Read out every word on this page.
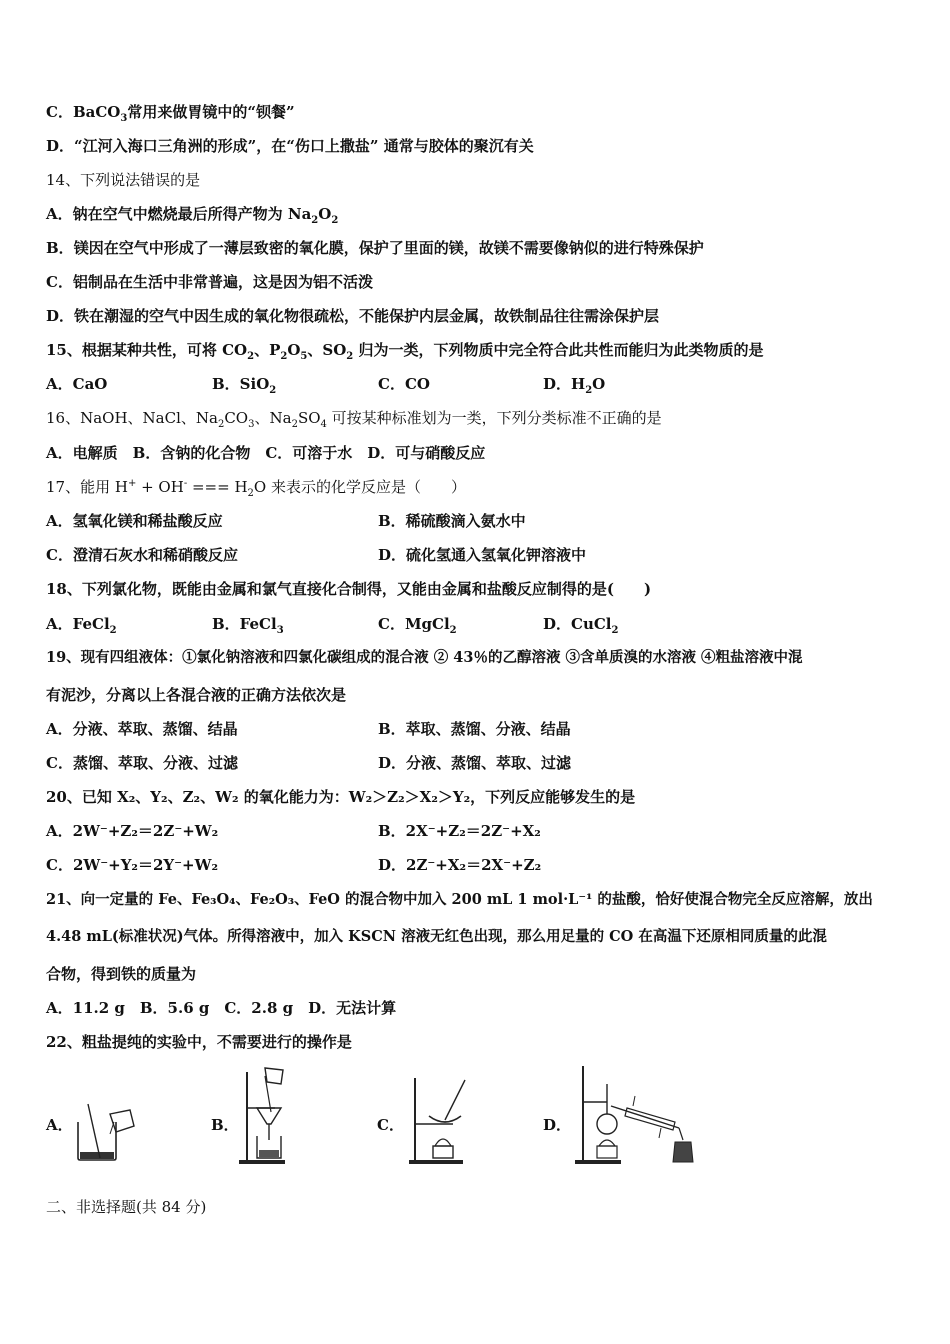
C．BaCO$_3$常用来做胃镜中的“钡餐”
D．“江河入海口三角洲的形成”，在“伤口上撒盐” 通常与胶体的聚沉有关
14、下列说法错误的是
A．钠在空气中燃烧最后所得产物为 $Na_2O_2$
B．镁因在空气中形成了一薄层致密的氧化膜，保护了里面的镁，故镁不需要像钠似的进行特殊保护
C．铝制品在生活中非常普遍，这是因为铝不活泼
D．铁在潮湿的空气中因生成的氧化物很疏松，不能保护内层金属，故铁制品往往需涂保护层
15、根据某种共性，可将 $CO_2$、$P_2O_5$、$SO_2$ 归为一类，下列物质中完全符合此共性而能归为此类物质的是
A．CaO	B．SiO$_2$	C．CO	D．$H_2O$
16、NaOH、NaCl、$Na_2CO_3$、$Na_2SO_4$ 可按某种标准划为一类，下列分类标准不正确的是
A．电解质　B．含钠的化合物　C．可溶于水　D．可与硝酸反应
17、能用 H+ + OH- === $H_2O$ 来表示的化学反应是（　　）
A．氢氧化镁和稀盐酸反应	B．稀硫酸滴入氨水中
C．澄清石灰水和稀硝酸反应	D．硫化氢通入氢氧化钾溶液中
18、下列氯化物，既能由金属和氯气直接化合制得，又能由金属和盐酸反应制得的是(　　)
A．FeCl$_2$	B．FeCl$_3$	C．MgCl$_2$	D．CuCl$_2$
19、现有四组液体：①氯化钠溶液和四氯化碳组成的混合液 ② 43％的乙醇溶液 ③含单质溴的水溶液 ④粗盐溶液中混
有泥沙，分离以上各混合液的正确方法依次是
A．分液、萃取、蒸馏、结晶	B．萃取、蒸馏、分液、结晶
C．蒸馏、萃取、分液、过滤	D．分液、蒸馏、萃取、过滤
20、已知 X₂、Y₂、Z₂、W₂ 的氧化能力为：W₂＞Z₂＞X₂＞Y₂，下列反应能够发生的是
A．2W⁻+Z₂＝2Z⁻+W₂	B．2X⁻+Z₂＝2Z⁻+X₂
C．2W⁻+Y₂＝2Y⁻+W₂	D．2Z⁻+X₂＝2X⁻+Z₂
21、向一定量的 Fe、Fe₃O₄、Fe₂O₃、FeO 的混合物中加入 200 mL 1 mol·L⁻¹ 的盐酸，恰好使混合物完全反应溶解，放出
4.48 mL(标准状况)气体。所得溶液中，加入 KSCN 溶液无红色出现，那么用足量的 CO 在高温下还原相同质量的此混
合物，得到铁的质量为
A．11.2 g　B．5.6 g　C．2.8 g　D．无法计算
22、粗盐提纯的实验中，不需要进行的操作是
A．	B．	C．	D．
二、非选择题(共 84 分)
